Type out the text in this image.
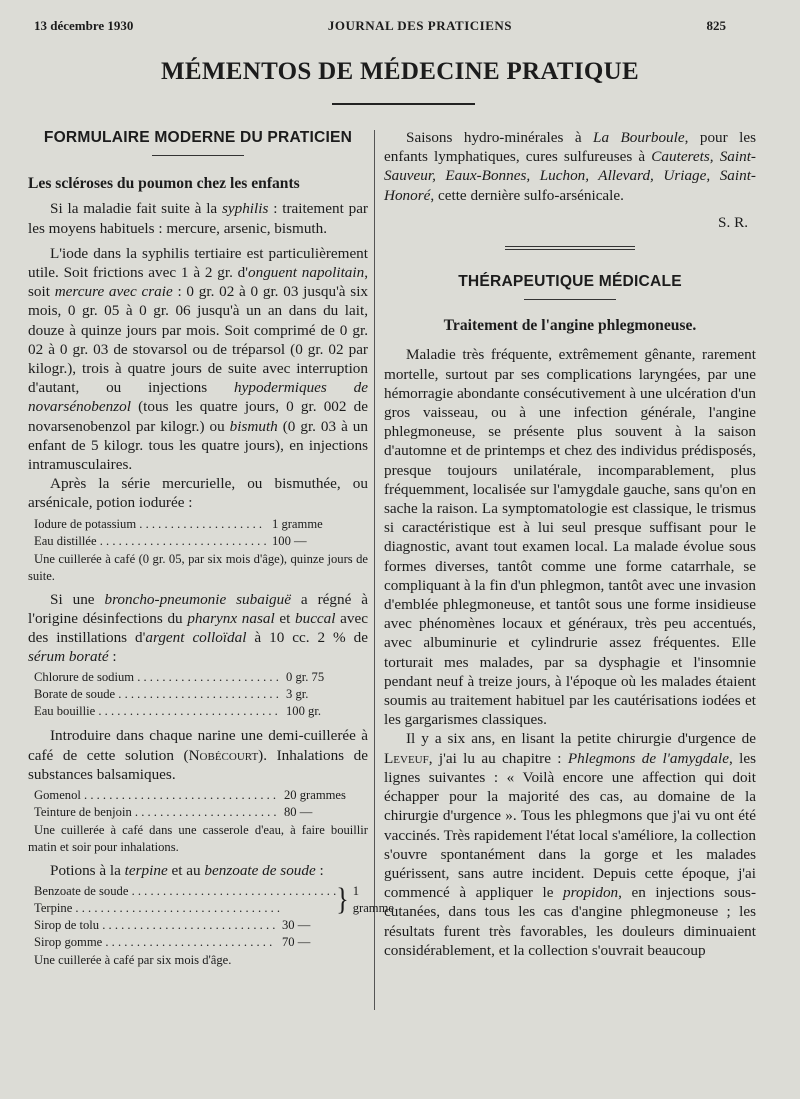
13 décembre 1930	JOURNAL DES PRATICIENS	825
MÉMENTOS DE MÉDECINE PRATIQUE
FORMULAIRE MODERNE DU PRATICIEN
Les scléroses du poumon chez les enfants

Si la maladie fait suite à la syphilis : traitement par les moyens habituels : mercure, arsenic, bismuth.

L'iode dans la syphilis tertiaire est particulièrement utile. Soit frictions avec 1 à 2 gr. d'onguent napolitain, soit mercure avec craie : 0 gr. 02 à 0 gr. 03 jusqu'à six mois, 0 gr. 05 à 0 gr. 06 jusqu'à un an dans du lait, douze à quinze jours par mois. Soit comprimé de 0 gr. 02 à 0 gr. 03 de stovarsol ou de tréparsol (0 gr. 02 par kilogr.), trois à quatre jours de suite avec interruption d'autant, ou injections hypodermiques de novarsénobenzol (tous les quatre jours, 0 gr. 002 de novarsenobenzol par kilogr.) ou bismuth (0 gr. 03 à un enfant de 5 kilogr. tous les quatre jours), en injections intramusculaires.

Après la série mercurielle, ou bismuthée, ou arsénicale, potion iodurée :

Iodure de potassium . . .	1 gramme
Eau distillée . . .	100 —

Une cuillerée à café (0 gr. 05, par six mois d'âge), quinze jours de suite.

Si une broncho-pneumonie subaiguë a régné à l'origine désinfections du pharynx nasal et buccal avec des instillations d'argent colloïdal à 10 cc. 2 % de sérum boraté :

Chlorure de sodium . . .	0 gr. 75
Borate de soude . . .	3 gr.
Eau bouillie . . .	100 gr.

Introduire dans chaque narine une demi-cuillerée à café de cette solution (Nobécourt). Inhalations de substances balsamiques.

Gomenol . . .	20 grammes
Teinture de benjoin . . .	80 —

Une cuillerée à café dans une casserole d'eau, à faire bouillir matin et soir pour inhalations.

Potions à la terpine et au benzoate de soude :

Benzoate de soude . . .
Terpine . . .	} 1 gramme
Sirop de tolu . . .	30 —
Sirop gomme . . .	70 —

Une cuillerée à café par six mois d'âge.

Saisons hydro-minérales à La Bourboule, pour les enfants lymphatiques, cures sulfureuses à Cauterets, Saint-Sauveur, Eaux-Bonnes, Luchon, Allevard, Uriage, Saint-Honoré, cette dernière sulfo-arsénicale.

S. R.
THÉRAPEUTIQUE MÉDICALE
Traitement de l'angine phlegmoneuse.

Maladie très fréquente, extrêmement gênante, rarement mortelle, surtout par ses complications laryngées, par une hémorragie abondante consécutivement à une ulcération d'un gros vaisseau, ou à une infection générale, l'angine phlegmoneuse, se présente plus souvent à la saison d'automne et de printemps et chez des individus prédisposés, presque toujours unilatérale, incomparablement, plus fréquemment, localisée sur l'amygdale gauche, sans qu'on en sache la raison. La symptomatologie est classique, le trismus si caractéristique est à lui seul presque suffisant pour le diagnostic, avant tout examen local. La malade évolue sous formes diverses, tantôt comme une forme catarrhale, se compliquant à la fin d'un phlegmon, tantôt avec une invasion d'emblée phlegmoneuse, et tantôt sous une forme insidieuse avec phénomènes locaux et généraux, très peu accentués, avec albuminurie et cylindrurie assez fréquentes. Elle torturait mes malades, par sa dysphagie et l'insomnie pendant neuf à treize jours, à l'époque où les malades étaient soumis au traitement habituel par les cautérisations iodées et les gargarismes classiques.

Il y a six ans, en lisant la petite chirurgie d'urgence de Leveuf, j'ai lu au chapitre : Phlegmons de l'amygdale, les lignes suivantes : « Voilà encore une affection qui doit échapper pour la majorité des cas, au domaine de la chirurgie d'urgence ». Tous les phlegmons que j'ai vu ont été vaccinés. Très rapidement l'état local s'améliore, la collection s'ouvre spontanément dans la gorge et les malades guérissent, sans autre incident. Depuis cette époque, j'ai commencé à appliquer le propidon, en injections sous-cutanées, dans tous les cas d'angine phlegmoneuse ; les résultats furent très favorables, les douleurs diminuaient considérablement, et la collection s'ouvrait beaucoup
